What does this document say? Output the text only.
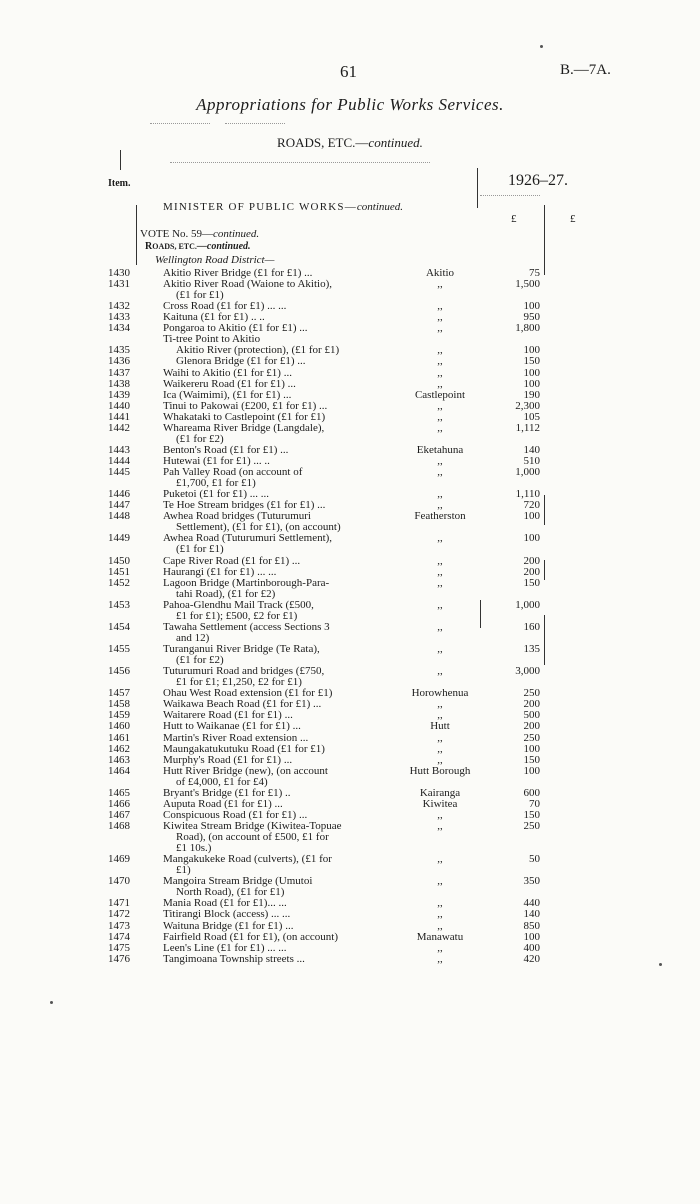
61	B.—7A.
Appropriations for Public Works Services.
ROADS, ETC.—continued.
Item.	1926–27.
£	£
MINISTER OF PUBLIC WORKS—continued.
VOTE No. 59—continued.
ROADS, ETC.—continued.
Wellington Road District—
1430	Akitio River Bridge (£1 for £1) ...	Akitio	75
1431	Akitio River Road (Waione to Akitio),
(£1 for £1)
,,	1,500
1432	Cross Road (£1 for £1) ... ...	,,	100
1433	Kaituna (£1 for £1) .. ..	,,	950
1434	Pongaroa to Akitio (£1 for £1) ...	,,	1,800
Ti-tree Point to Akitio
1435	Akitio River (protection), (£1 for £1)	,,	100
1436	Glenora Bridge (£1 for £1) ...	,,	150
1437	Waihi to Akitio (£1 for £1) ...	,,	100
1438	Waikereru Road (£1 for £1) ...	,,	100
1439	Ica (Waimimi), (£1 for £1) ...	Castlepoint	190
1440	Tinui to Pakowai (£200, £1 for £1) ...	,,	2,300
1441	Whakataki to Castlepoint (£1 for £1)	,,	105
1442	Whareama River Bridge (Langdale),
(£1 for £2)
,,	1,112
1443	Benton's Road (£1 for £1) ...	Eketahuna	140
1444	Hutewai (£1 for £1) ... ..	,,	510
1445	Pah Valley Road (on account of
£1,700, £1 for £1)
,,	1,000
1446	Puketoi (£1 for £1) ... ...	,,	1,110
1447	Te Hoe Stream bridges (£1 for £1) ...	,,	720
1448	Awhea Road bridges (Tuturumuri
Settlement), (£1 for £1), (on account)
Featherston	100
1449	Awhea Road (Tuturumuri Settlement),
(£1 for £1)
,,	100
1450	Cape River Road (£1 for £1) ...	,,	200
1451	Haurangi (£1 for £1) ... ...	,,	200
1452	Lagoon Bridge (Martinborough-Para-
tahi Road), (£1 for £2)
,,	150
1453	Pahoa-Glendhu Mail Track (£500,
£1 for £1); £500, £2 for £1)
,,	1,000
1454	Tawaha Settlement (access Sections 3
and 12)
,,	160
1455	Turanganui River Bridge (Te Rata),
(£1 for £2)
,,	135
1456	Tuturumuri Road and bridges (£750,
£1 for £1; £1,250, £2 for £1)
,,	3,000
1457	Ohau West Road extension (£1 for £1)	Horowhenua	250
1458	Waikawa Beach Road (£1 for £1) ...	,,	200
1459	Waitarere Road (£1 for £1) ...	,,	500
1460	Hutt to Waikanae (£1 for £1) ...	Hutt	200
1461	Martin's River Road extension ...	,,	250
1462	Maungakatukutuku Road (£1 for £1)	,,	100
1463	Murphy's Road (£1 for £1) ...	,,	150
1464	Hutt River Bridge (new), (on account
of £4,000, £1 for £4)
Hutt Borough	100
1465	Bryant's Bridge (£1 for £1) ..	Kairanga	600
1466	Auputa Road (£1 for £1) ...	Kiwitea	70
1467	Conspicuous Road (£1 for £1) ...	,,	150
1468	Kiwitea Stream Bridge (Kiwitea-Topuae
Road), (on account of £500, £1 for
£1 10s.)
,,	250
1469	Mangakukeke Road (culverts), (£1 for
£1)
,,	50
1470	Mangoira Stream Bridge (Umutoi
North Road), (£1 for £1)
,,	350
1471	Mania Road (£1 for £1)... ...	,,	440
1472	Titirangi Block (access) ... ...	,,	140
1473	Waituna Bridge (£1 for £1) ...	,,	850
1474	Fairfield Road (£1 for £1), (on account)	Manawatu	100
1475	Leen's Line (£1 for £1) ... ...	,,	400
1476	Tangimoana Township streets ...	,,	420
